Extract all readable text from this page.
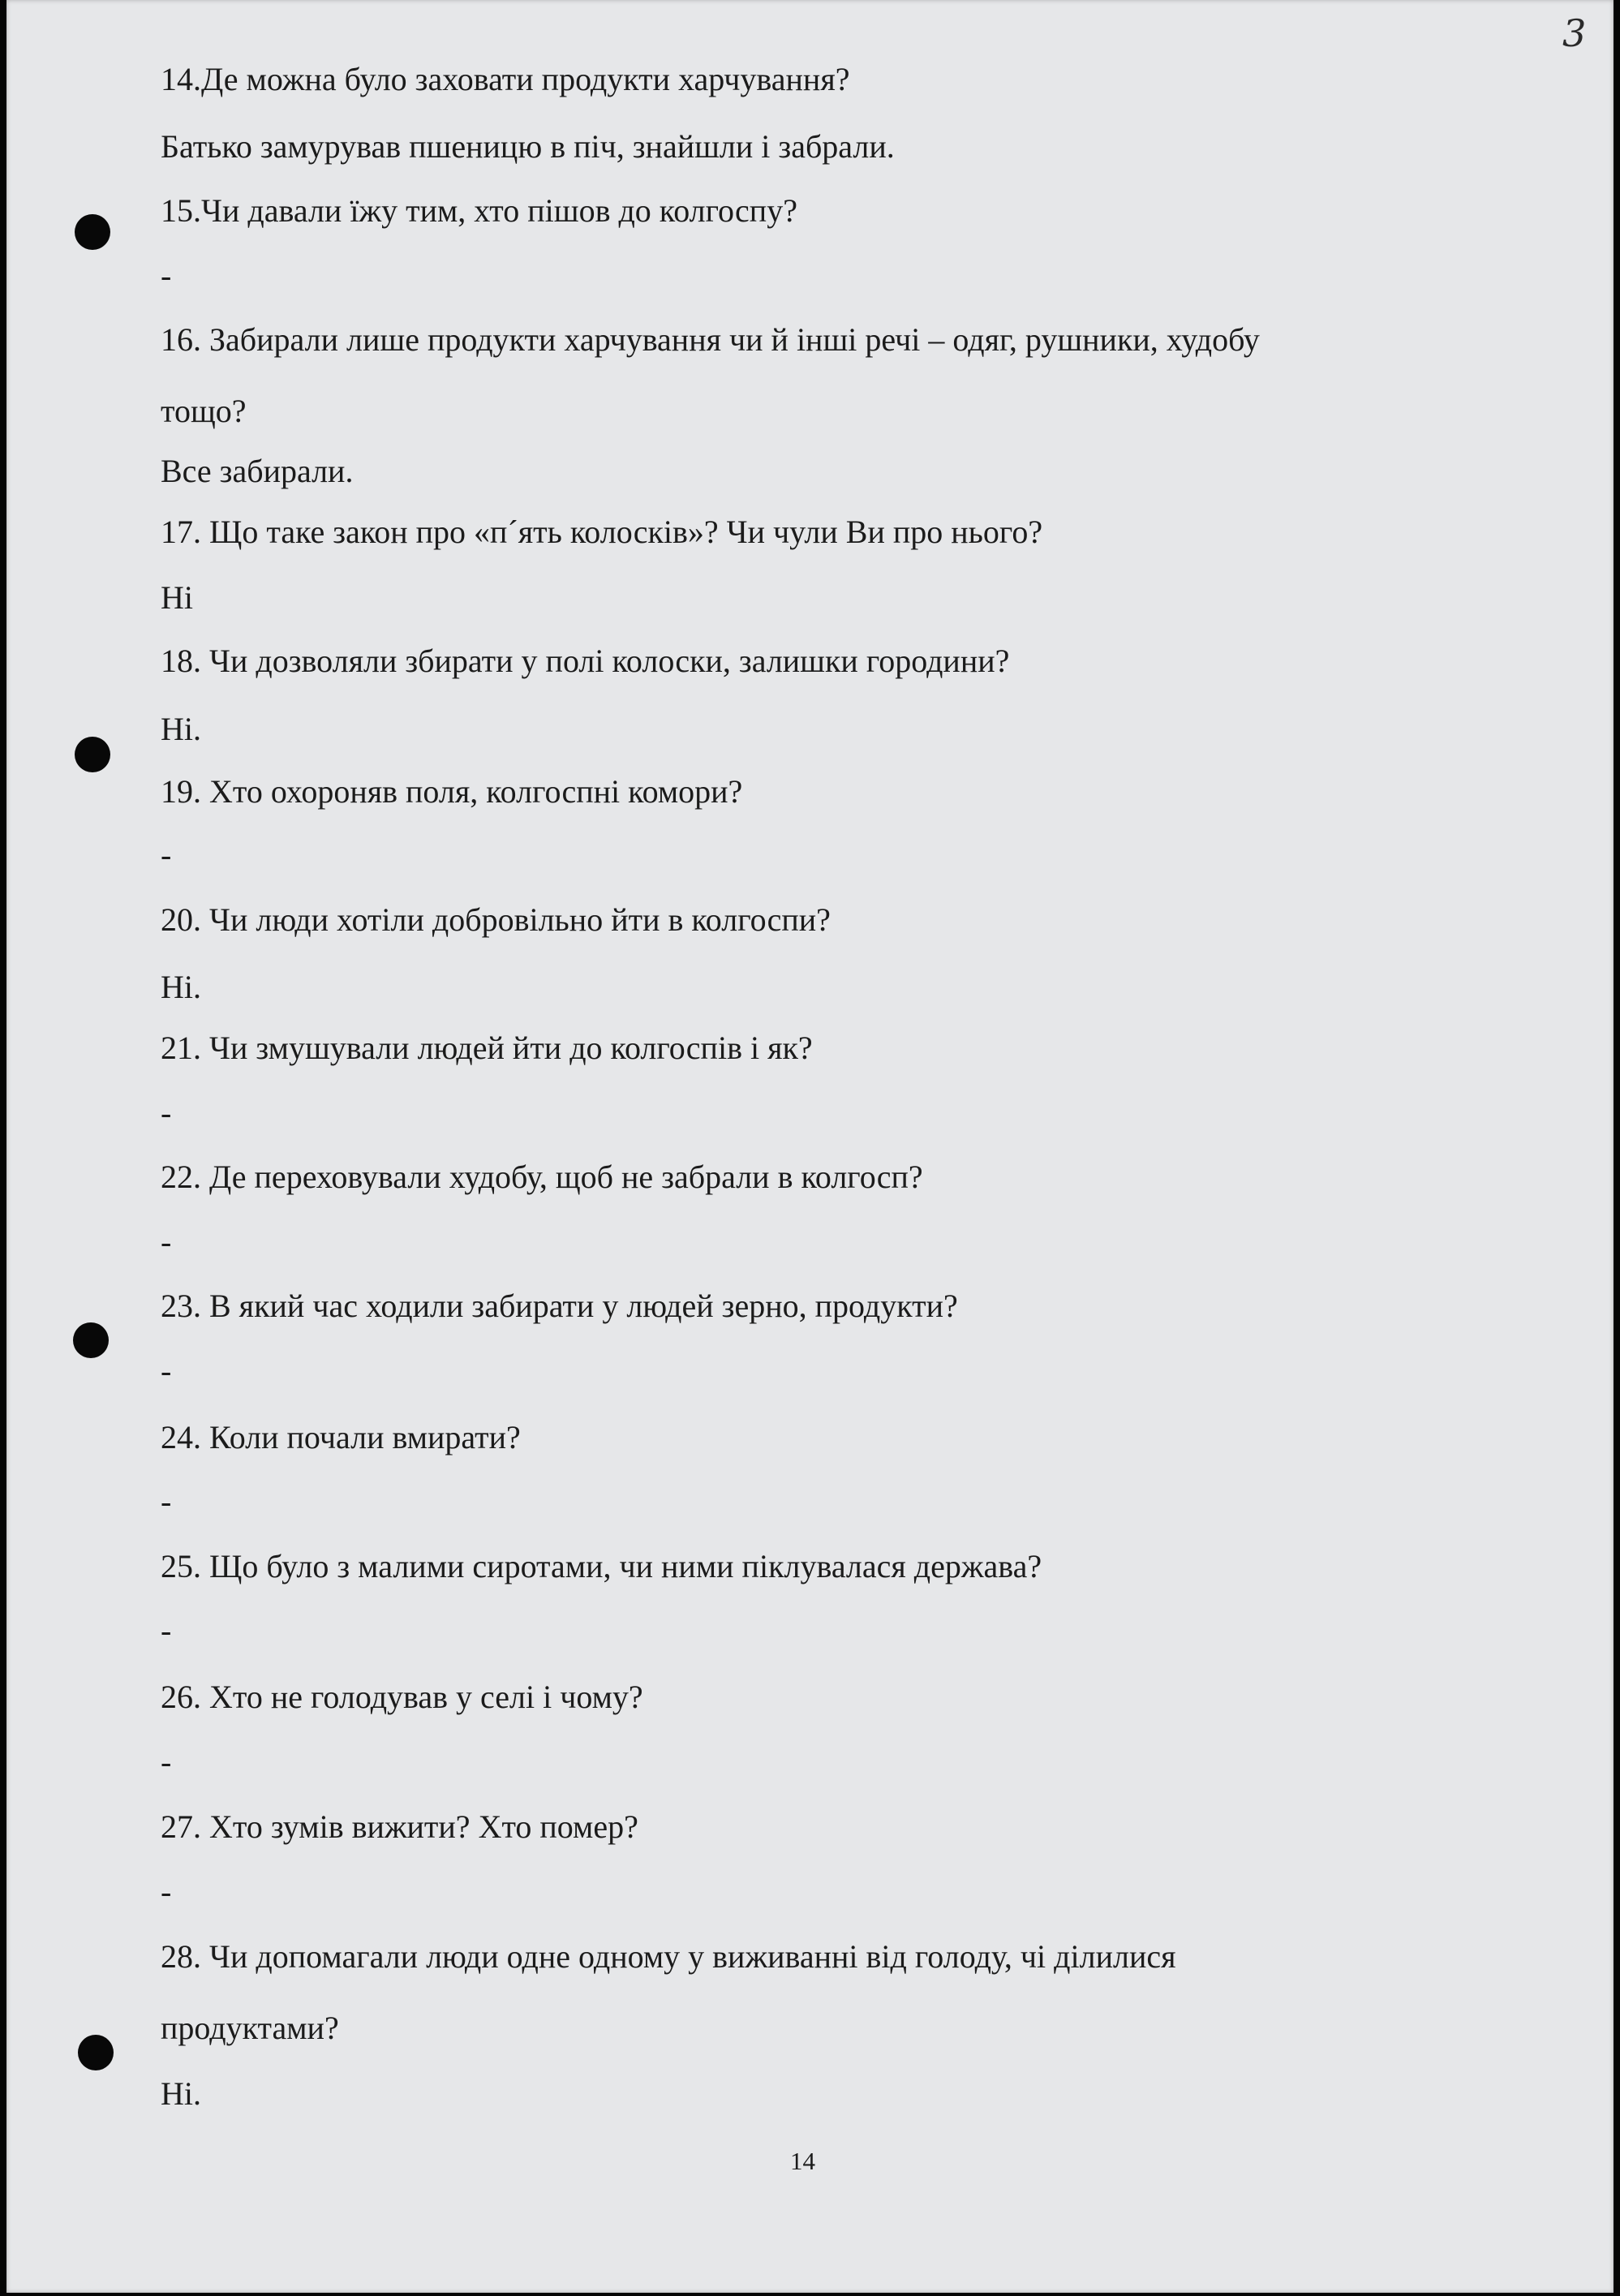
3

14.Де можна було заховати продукти харчування?

Батько замурував пшеницю в піч, знайшли і забрали.

15.Чи давали їжу тим, хто пішов до колгоспу?

-

16. Забирали лише продукти харчування чи й інші речі – одяг, рушники, худобу

тощо?

Все забирали.

17. Що таке закон про «п´ять колосків»? Чи чули Ви про нього?

Ні

18. Чи дозволяли збирати у полі колоски, залишки городини?

Ні.

19. Хто охороняв поля, колгоспні комори?

-

20. Чи люди хотіли добровільно йти в колгоспи?

Ні.

21. Чи змушували людей йти до колгоспів і як?

-

22. Де переховували худобу, щоб не забрали в колгосп?

-

23. В який час ходили забирати у людей зерно, продукти?

-

24. Коли почали вмирати?

-

25. Що було з малими сиротами, чи ними піклувалася держава?

-

26. Хто не голодував у селі і чому?

-

27. Хто зумів вижити? Хто помер?

-

28. Чи допомагали люди одне одному у виживанні від голоду, чі ділилися

продуктами?

Ні.

14
